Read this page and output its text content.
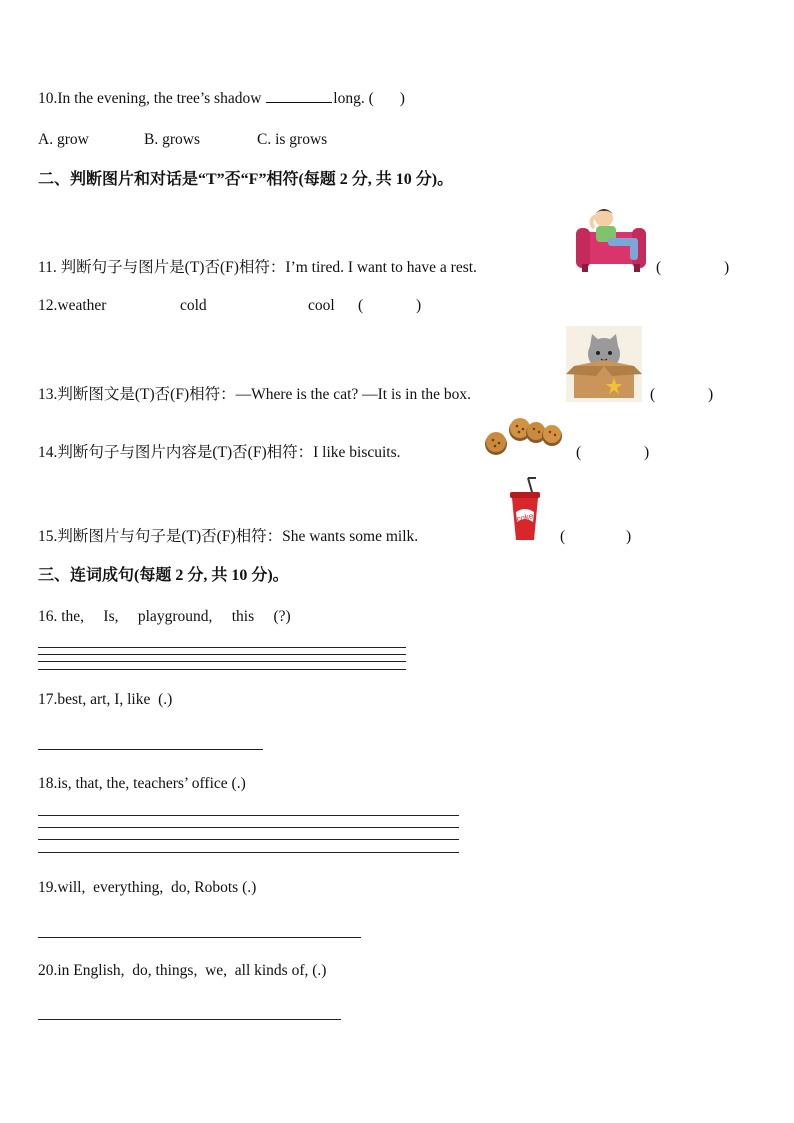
10.In the evening, the tree’s shadow	long. ( )
A. grow	B. grows	C. is grows
二、判断图片和对话是“T”否“F”相符(每题 2 分, 共 10 分)。
11. 判断句子与图片是(T)否(F)相符：I’m tired. I want to have a rest.	(	)
12.weather	cold	cool (	)
13.判断图文是(T)否(F)相符：—Where is the cat? —It is in the box.	(	)
14.判断句子与图片内容是(T)否(F)相符：I like biscuits.	(	)
15.判断图片与句子是(T)否(F)相符：She wants some milk.
coke
(	)
三、连词成句(每题 2 分, 共 10 分)。
16. the,     Is,     playground,     this     (?)
17.best, art, I, like  (.)
18.is, that, the, teachers’ office (.)
19.will,  everything,  do, Robots (.)
20.in English,  do, things,  we,  all kinds of, (.)
